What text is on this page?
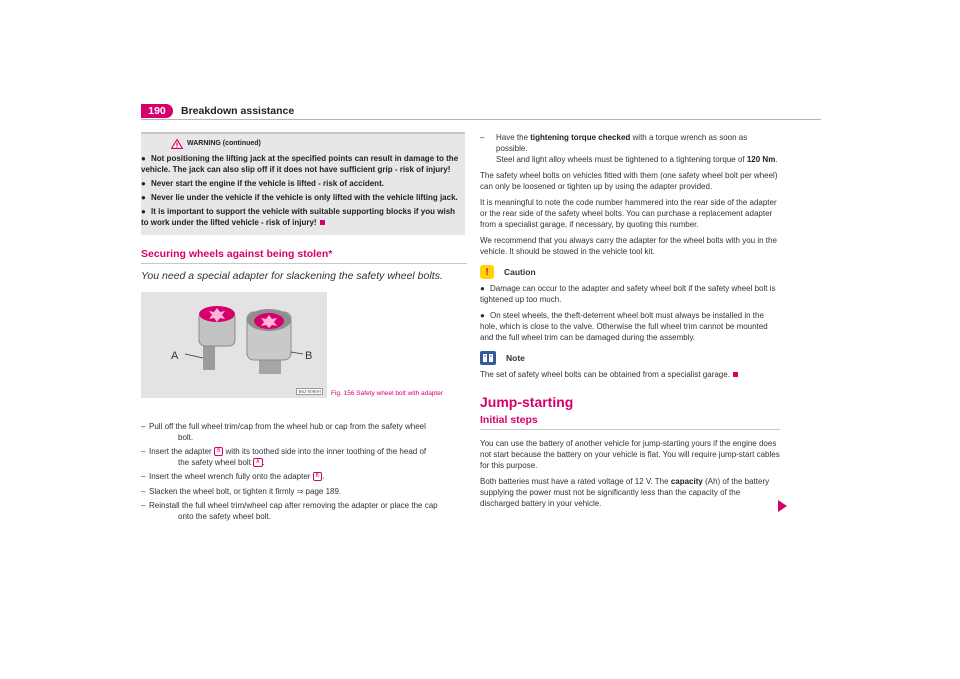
190	Breakdown assistance
WARNING (continued)
● Not positioning the lifting jack at the specified points can result in damage to the vehicle. The jack can also slip off if it does not have sufficient grip - risk of injury!
● Never start the engine if the vehicle is lifted - risk of accident.
● Never lie under the vehicle if the vehicle is only lifted with the vehicle lifting jack.
● It is important to support the vehicle with suitable supporting blocks if you wish to work under the lifted vehicle - risk of injury!
Securing wheels against being stolen*
You need a special adapter for slackening the safety wheel bolts.
A	B
B6J-0090H	Fig. 156 Safety wheel bolt with adapter
– Pull off the full wheel trim/cap from the wheel hub or cap from the safety wheel
bolt.
– Insert the adapter B with its toothed side into the inner toothing of the head of
the safety wheel bolt A .
– Insert the wheel wrench fully onto the adapter B .
– Slacken the wheel bolt, or tighten it firmly ⇒ page 189.
– Reinstall the full wheel trim/wheel cap after removing the adapter or place the cap
onto the safety wheel bolt.
– Have the tightening torque checked with a torque wrench as soon as possible.
Steel and light alloy wheels must be tightened to a tightening torque of 120 Nm.
The safety wheel bolts on vehicles fitted with them (one safety wheel bolt per wheel) can only be loosened or tighten up by using the adapter provided.
It is meaningful to note the code number hammered into the rear side of the adapter or the rear side of the safety wheel bolts. You can purchase a replacement adapter from a specialist garage, if necessary, by quoting this number.
We recommend that you always carry the adapter for the wheel bolts with you in the vehicle. It should be stowed in the vehicle tool kit.
!	Caution
● Damage can occur to the adapter and safety wheel bolt if the safety wheel bolt is tightened up too much.
● On steel wheels, the theft-deterrent wheel bolt must always be installed in the hole, which is close to the valve. Otherwise the full wheel trim cannot be mounted and the full wheel trim can be damaged during the assembly.
Note
The set of safety wheel bolts can be obtained from a specialist garage.
Jump-starting
Initial steps
You can use the battery of another vehicle for jump-starting yours if the engine does not start because the battery on your vehicle is flat. You will require jump-start cables for this purpose.
Both batteries must have a rated voltage of 12 V. The capacity (Ah) of the battery supplying the power must not be significantly less than the capacity of the discharged battery in your vehicle.
